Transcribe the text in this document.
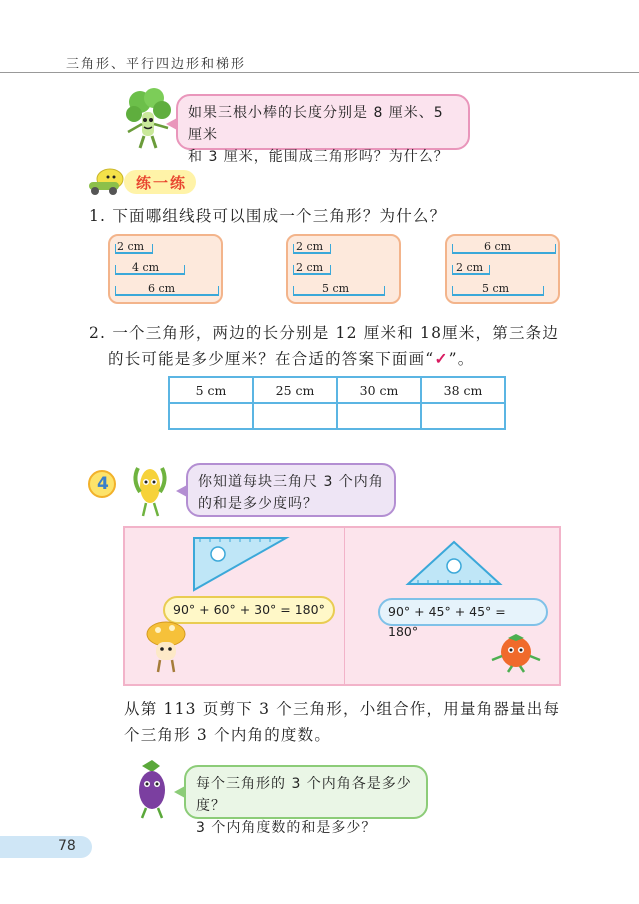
三角形、平行四边形和梯形
如果三根小棒的长度分别是 8 厘米、5 厘米
和 3 厘米，能围成三角形吗？为什么？
练一练
1. 下面哪组线段可以围成一个三角形？为什么？
2 cm
4 cm
6 cm
2 cm
2 cm
5 cm
6 cm
2 cm
5 cm
2. 一个三角形，两边的长分别是 12 厘米和 18厘米，第三条边
的长可能是多少厘米？在合适的答案下面画“✓”。
5 cm	25 cm	30 cm	38 cm

4	你知道每块三角尺 3 个内角
的和是多少度吗？
90° + 60° + 30° = 180°	90° + 45° + 45° = 180°
从第 113 页剪下 3 个三角形，小组合作，用量角器量出每
个三角形 3 个内角的度数。
每个三角形的 3 个内角各是多少度？
3 个内角度数的和是多少？
78
